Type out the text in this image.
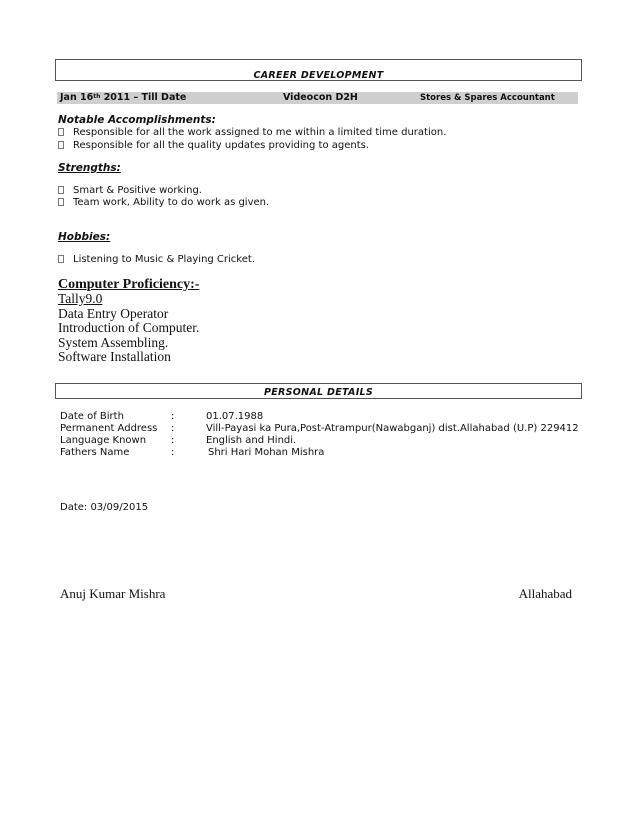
CAREER DEVELOPMENT
Jan 16th 2011 – Till Date	Videocon D2H	Stores & Spares Accountant
Notable Accomplishments:
Responsible for all the work assigned to me within a limited time duration.
Responsible for all the quality updates providing to agents.
Strengths:
Smart & Positive working.
Team work, Ability to do work as given.
Hobbies:
Listening to Music & Playing Cricket.
Computer Proficiency:-
Tally9.0
Data Entry Operator
Introduction of Computer.
System Assembling.
Software Installation
PERSONAL DETAILS
Date of Birth	:	01.07.1988
Permanent Address :	Vill-Payasi ka Pura,Post-Atrampur(Nawabganj) dist.Allahabad (U.P) 229412
Language Known :	English and Hindi.
Fathers Name	:	Shri Hari Mohan Mishra
Date: 03/09/2015
Anuj Kumar Mishra	Allahabad
